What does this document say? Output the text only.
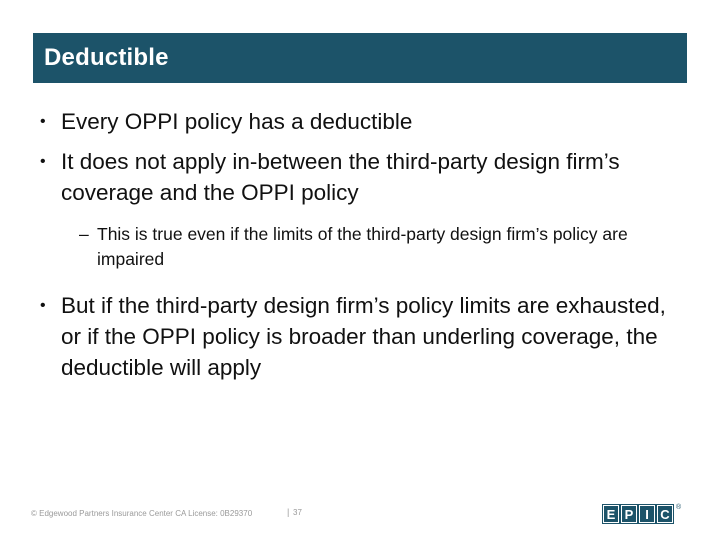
Deductible
• Every OPPI policy has a deductible
• It does not apply in-between the third-party design firm’s coverage and the OPPI policy
– This is true even if the limits of the third-party design firm’s policy are impaired
• But if the third-party design firm’s policy limits are exhausted, or if the OPPI policy is broader than underling coverage, the deductible will apply
© Edgewood Partners Insurance Center CA License: 0B29370	| 37	E P I C ®
